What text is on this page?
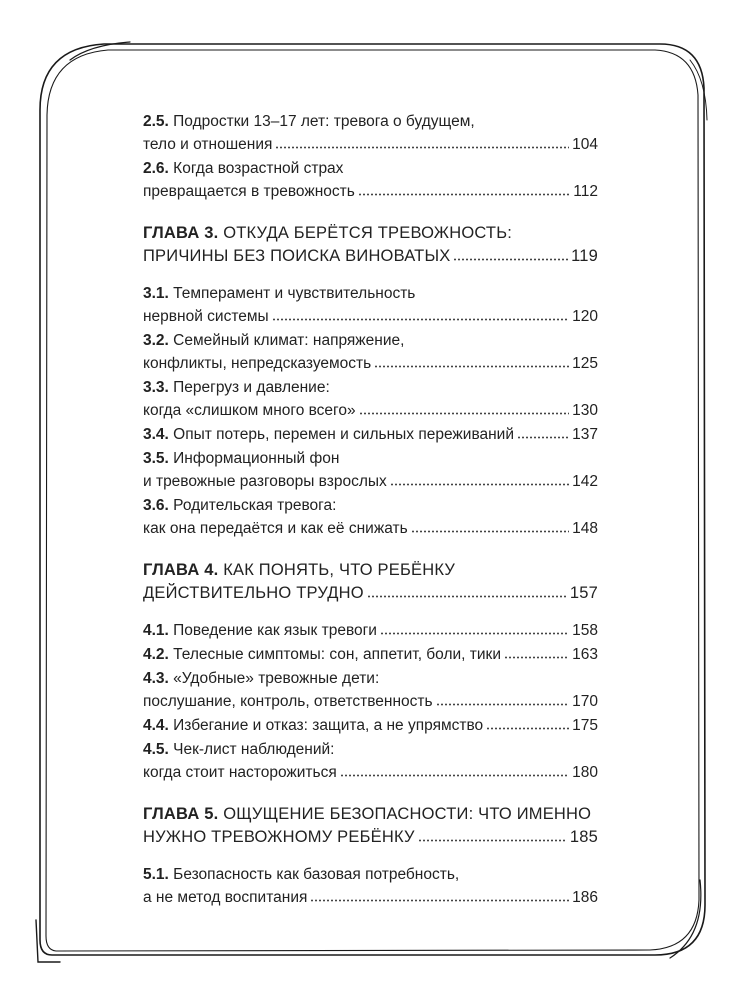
2.5. Подростки 13–17 лет: тревога о будущем,
тело и отношения	104
2.6. Когда возрастной страх
превращается в тревожность	112
ГЛАВА 3. ОТКУДА БЕРЁТСЯ ТРЕВОЖНОСТЬ:
ПРИЧИНЫ БЕЗ ПОИСКА ВИНОВАТЫХ	119
3.1. Темперамент и чувствительность
нервной системы	120
3.2. Семейный климат: напряжение,
конфликты, непредсказуемость	125
3.3. Перегруз и давление:
когда «слишком много всего»	130
3.4. Опыт потерь, перемен и сильных переживаний	137
3.5. Информационный фон
и тревожные разговоры взрослых	142
3.6. Родительская тревога:
как она передаётся и как её снижать	148
ГЛАВА 4. КАК ПОНЯТЬ, ЧТО РЕБЁНКУ
ДЕЙСТВИТЕЛЬНО ТРУДНО	157
4.1. Поведение как язык тревоги	158
4.2. Телесные симптомы: сон, аппетит, боли, тики	163
4.3. «Удобные» тревожные дети:
послушание, контроль, ответственность	170
4.4. Избегание и отказ: защита, а не упрямство	175
4.5. Чек-лист наблюдений:
когда стоит насторожиться	180
ГЛАВА 5. ОЩУЩЕНИЕ БЕЗОПАСНОСТИ: ЧТО ИМЕННО
НУЖНО ТРЕВОЖНОМУ РЕБЁНКУ	185
5.1. Безопасность как базовая потребность,
а не метод воспитания	186
